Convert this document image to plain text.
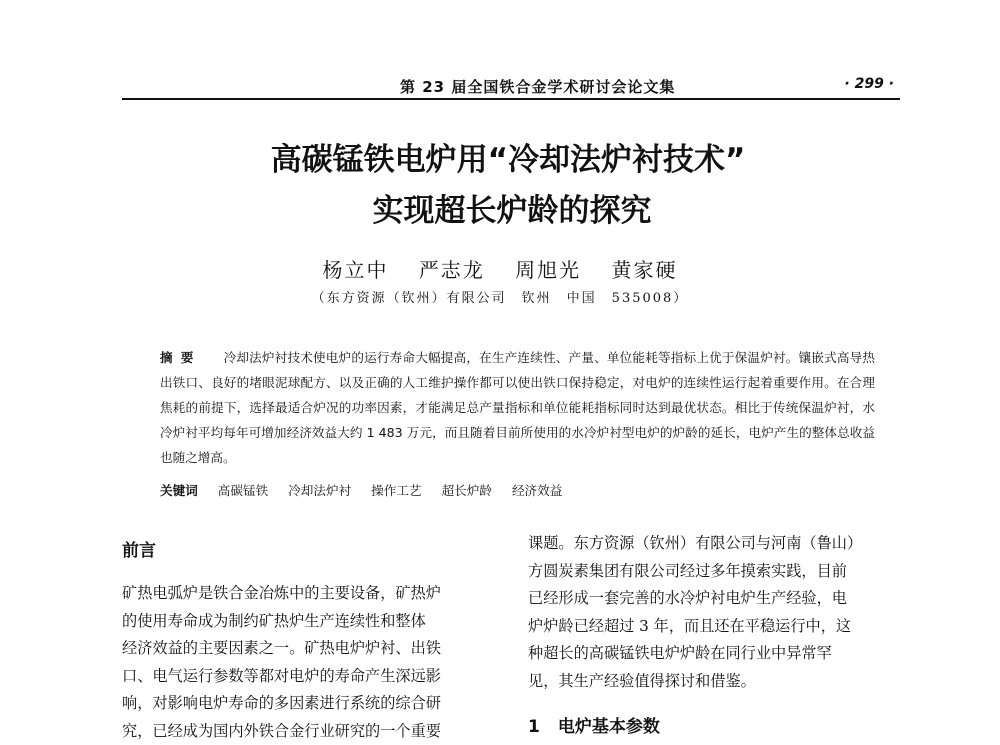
第 23 届全国铁合金学术研讨会论文集	· 299 ·
高碳锰铁电炉用“冷却法炉衬技术”
实现超长炉龄的探究
杨立中 严志龙 周旭光 黄家硬
（东方资源（钦州）有限公司　钦州　中国　535008）
摘要 冷却法炉衬技术使电炉的运行寿命大幅提高，在生产连续性、产量、单位能耗等指标上优于保温炉衬。镶嵌式高导热出铁口、良好的堵眼泥球配方、以及正确的人工维护操作都可以使出铁口保持稳定，对电炉的连续性运行起着重要作用。在合理焦耗的前提下，选择最适合炉况的功率因素，才能满足总产量指标和单位能耗指标同时达到最优状态。相比于传统保温炉衬，水冷炉衬平均每年可增加经济效益大约 1 483 万元，而且随着目前所使用的水冷炉衬型电炉的炉龄的延长，电炉产生的整体总收益也随之增高。
关键词 高碳锰铁 冷却法炉衬 操作工艺 超长炉龄 经济效益
前言
矿热电弧炉是铁合金冶炼中的主要设备，矿热炉
的使用寿命成为制约矿热炉生产连续性和整体
经济效益的主要因素之一。矿热电炉炉衬、出铁
口、电气运行参数等都对电炉的寿命产生深远影
响，对影响电炉寿命的多因素进行系统的综合研
究，已经成为国内外铁合金行业研究的一个重要
课题。东方资源（钦州）有限公司与河南（鲁山）
方圆炭素集团有限公司经过多年摸索实践，目前
已经形成一套完善的水冷炉衬电炉生产经验，电
炉炉龄已经超过 3 年，而且还在平稳运行中，这
种超长的高碳锰铁电炉炉龄在同行业中异常罕
见，其生产经验值得探讨和借鉴。
1 电炉基本参数
